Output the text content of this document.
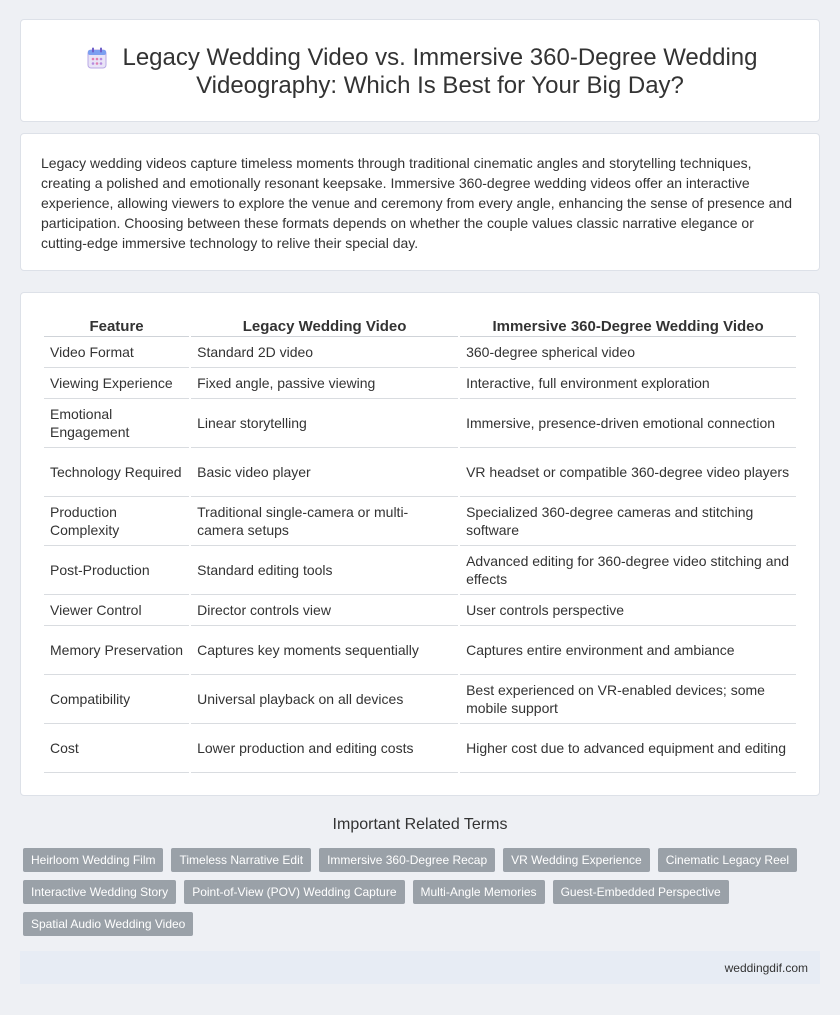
Legacy Wedding Video vs. Immersive 360-Degree Wedding Videography: Which Is Best for Your Big Day?

Legacy wedding videos capture timeless moments through traditional cinematic angles and storytelling techniques, creating a polished and emotionally resonant keepsake. Immersive 360-degree wedding videos offer an interactive experience, allowing viewers to explore the venue and ceremony from every angle, enhancing the sense of presence and participation. Choosing between these formats depends on whether the couple values classic narrative elegance or cutting-edge immersive technology to relive their special day.

Feature	Legacy Wedding Video	Immersive 360-Degree Wedding Video
Video Format	Standard 2D video	360-degree spherical video
Viewing Experience	Fixed angle, passive viewing	Interactive, full environment exploration
Emotional Engagement	Linear storytelling	Immersive, presence-driven emotional connection
Technology Required	Basic video player	VR headset or compatible 360-degree video players
Production Complexity	Traditional single-camera or multi-camera setups	Specialized 360-degree cameras and stitching software
Post-Production	Standard editing tools	Advanced editing for 360-degree video stitching and effects
Viewer Control	Director controls view	User controls perspective
Memory Preservation	Captures key moments sequentially	Captures entire environment and ambiance
Compatibility	Universal playback on all devices	Best experienced on VR-enabled devices; some mobile support
Cost	Lower production and editing costs	Higher cost due to advanced equipment and editing
Important Related Terms
Heirloom Wedding Film	Timeless Narrative Edit	Immersive 360-Degree Recap	VR Wedding Experience	Cinematic Legacy Reel
Interactive Wedding Story	Point-of-View (POV) Wedding Capture	Multi-Angle Memories	Guest-Embedded Perspective
Spatial Audio Wedding Video
weddingdif.com
